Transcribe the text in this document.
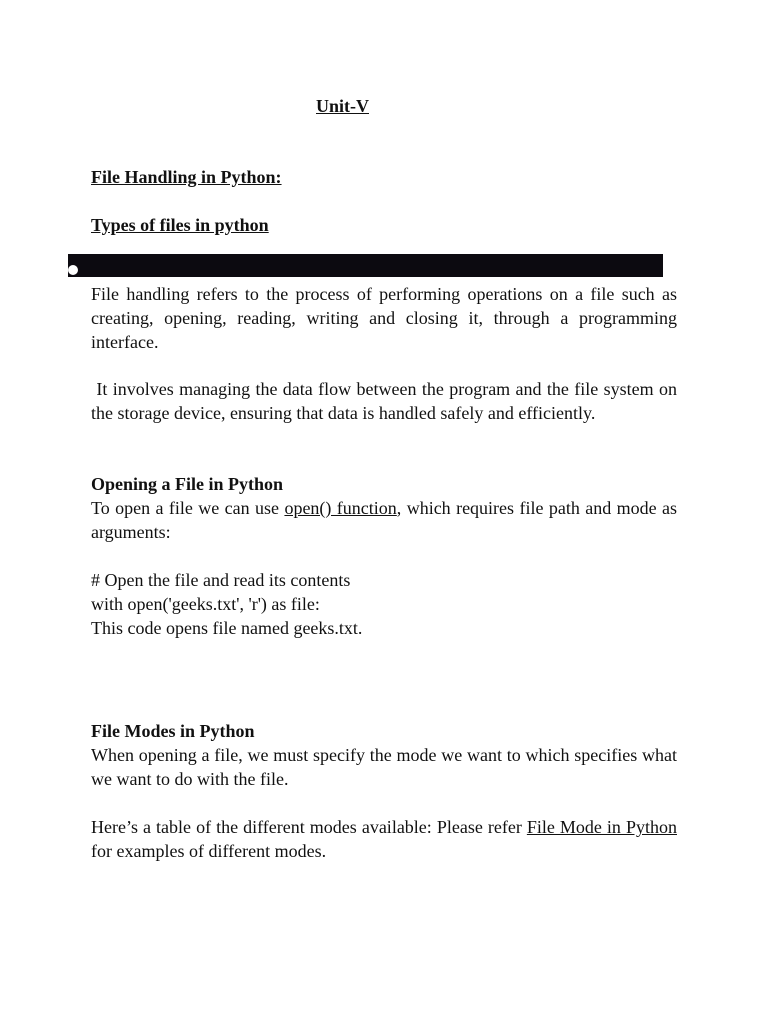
Unit-V
File Handling in Python:
Types of files in python

File handling refers to the process of performing operations on a file such as creating, opening, reading, writing and closing it, through a programming interface.

It involves managing the data flow between the program and the file system on the storage device, ensuring that data is handled safely and efficiently.

Opening a File in Python

To open a file we can use open() function, which requires file path and mode as arguments:

# Open the file and read its contents
with open('geeks.txt', 'r') as file:
This code opens file named geeks.txt.
File Modes in Python

When opening a file, we must specify the mode we want to which specifies what we want to do with the file.

Here’s a table of the different modes available: Please refer File Mode in Python for examples of different modes.
